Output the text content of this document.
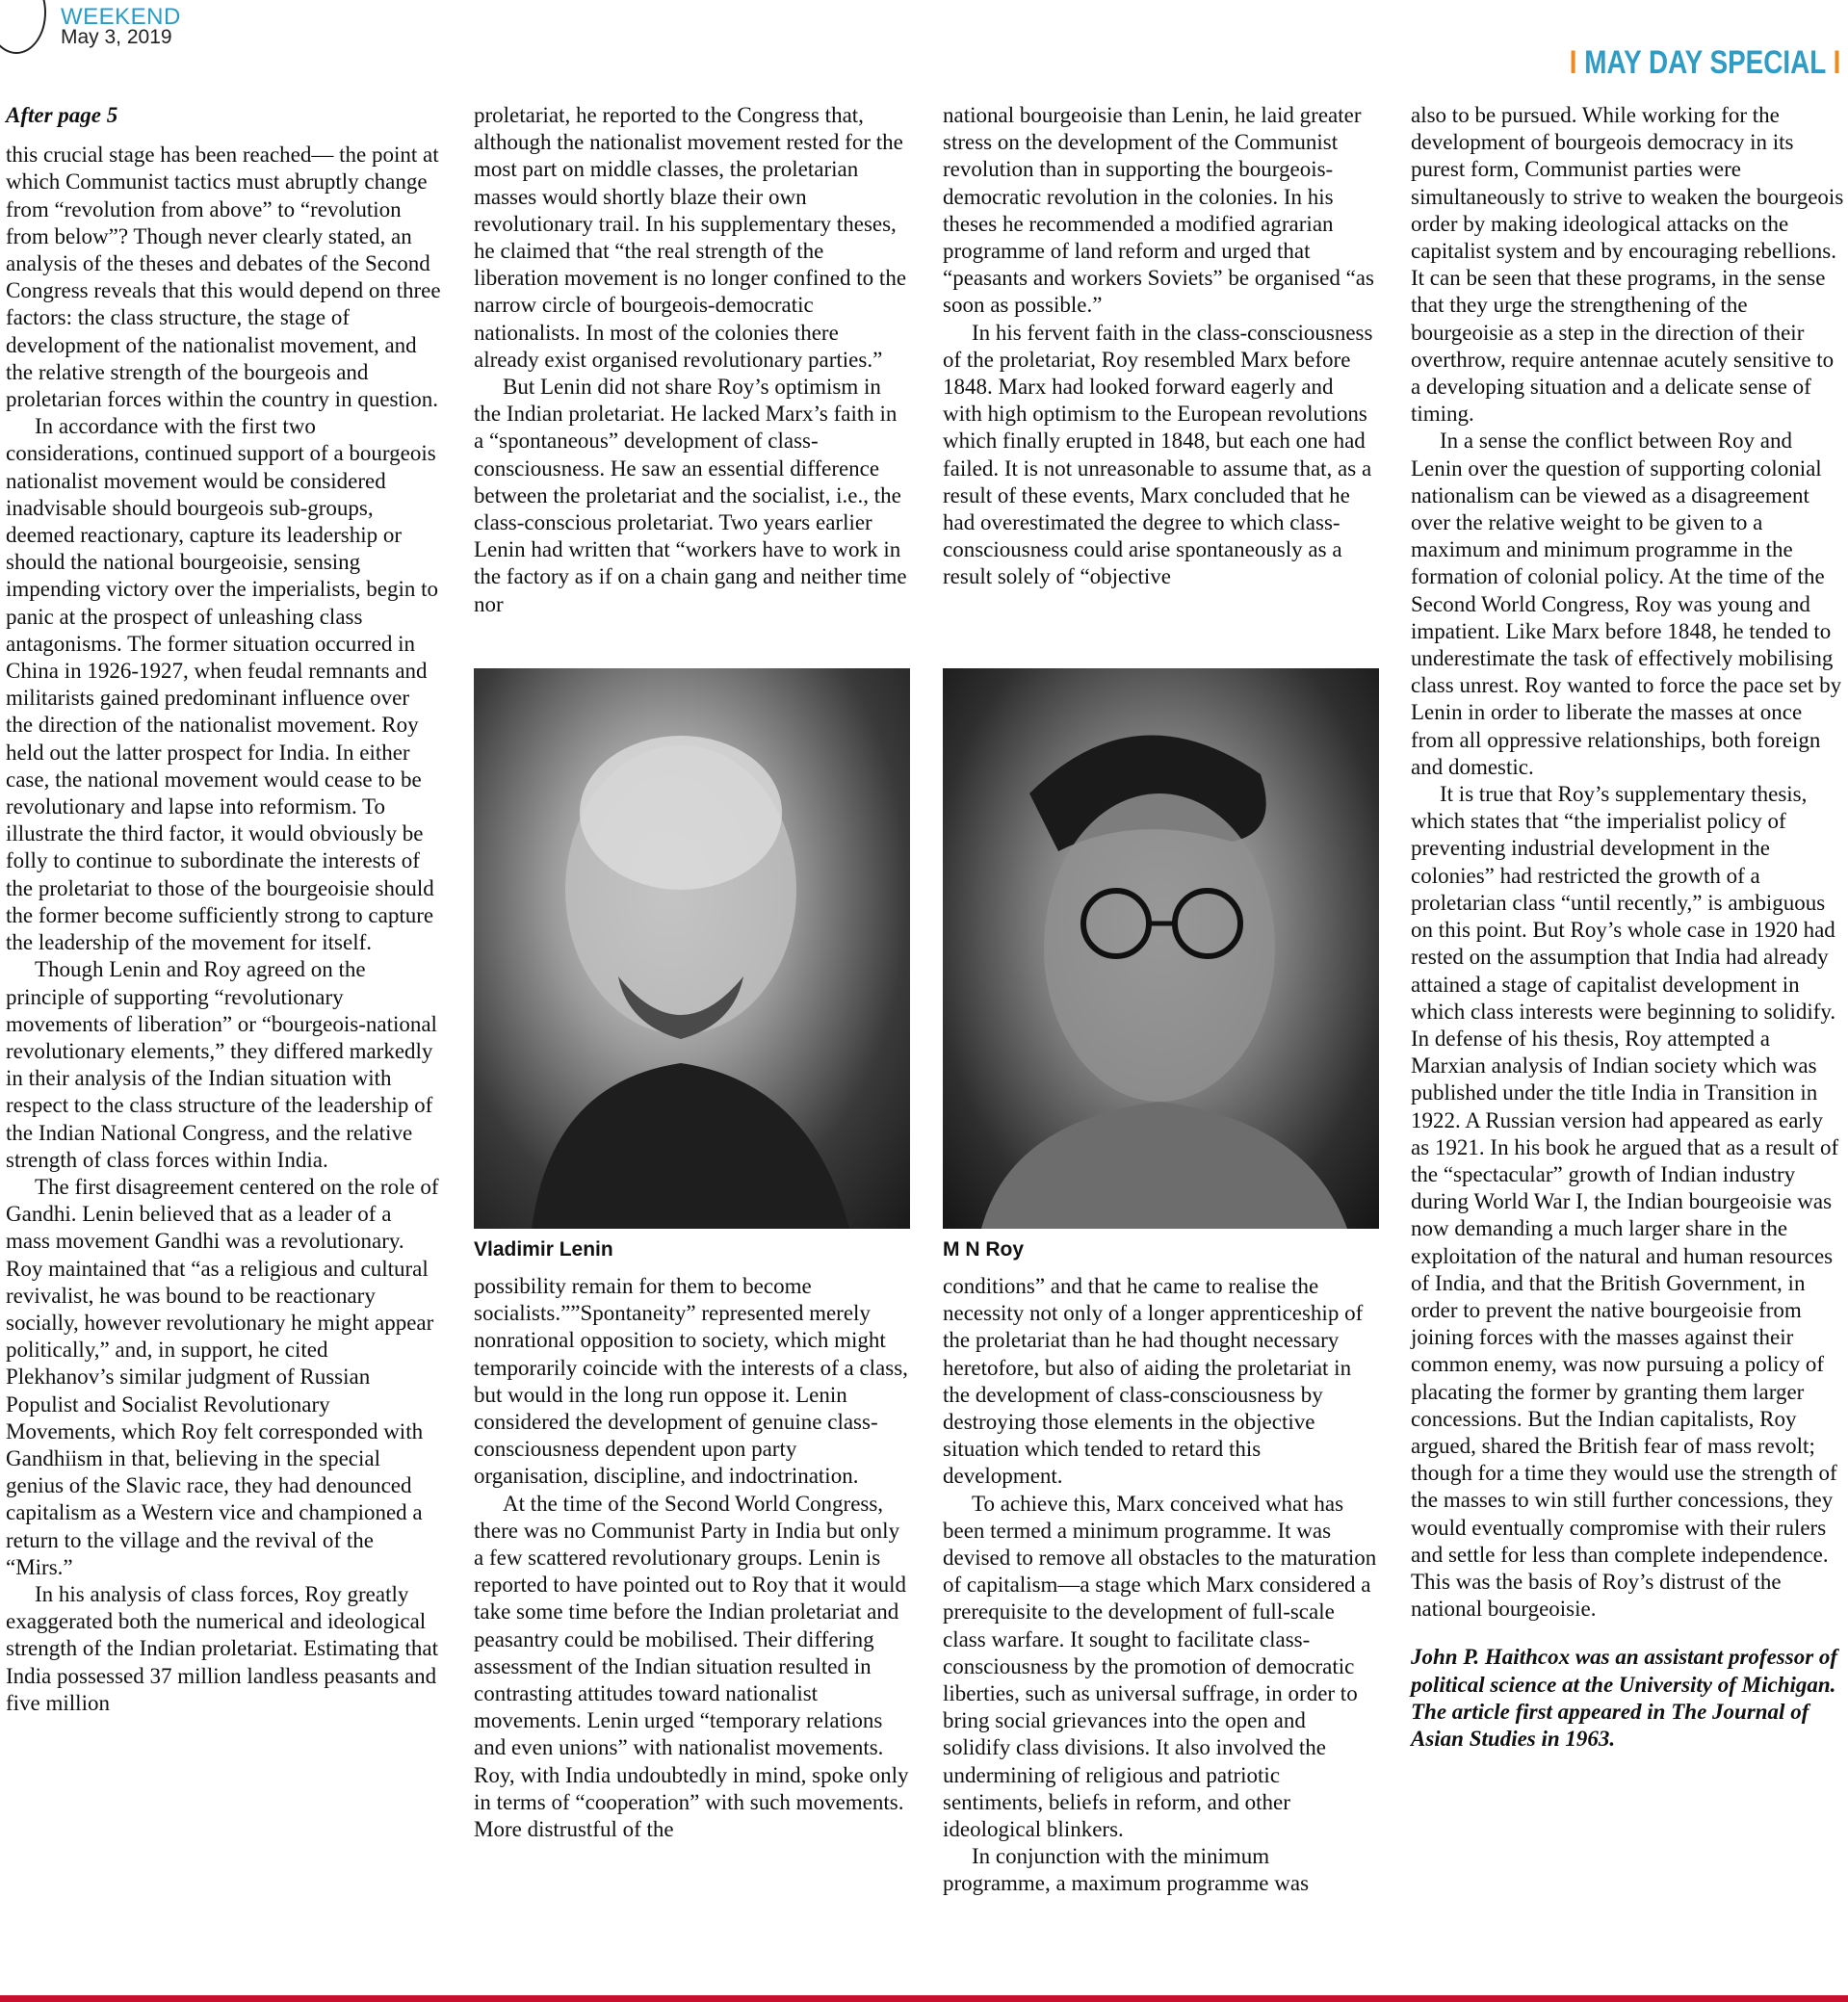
WEEKEND
May 3, 2019
I MAY DAY SPECIAL I

After page 5

this crucial stage has been reached— the point at which Communist tactics must abruptly change from “revolution from above” to “revolution from below”? Though never clearly stated, an analysis of the theses and debates of the Second Congress reveals that this would depend on three factors: the class structure, the stage of development of the nationalist movement, and the relative strength of the bourgeois and proletarian forces within the country in question.

In accordance with the first two considerations, continued support of a bourgeois nationalist movement would be considered inadvisable should bourgeois sub-groups, deemed reactionary, capture its leadership or should the national bourgeoisie, sensing impending victory over the imperialists, begin to panic at the prospect of unleashing class antagonisms. The former situation occurred in China in 1926-1927, when feudal remnants and militarists gained predominant influence over the direction of the nationalist movement. Roy held out the latter prospect for India. In either case, the national movement would cease to be revolutionary and lapse into reformism. To illustrate the third factor, it would obviously be folly to continue to subordinate the interests of the proletariat to those of the bourgeoisie should the former become sufficiently strong to capture the leadership of the movement for itself.

Though Lenin and Roy agreed on the principle of supporting “revolutionary movements of liberation” or “bourgeois-national revolutionary elements,” they differed markedly in their analysis of the Indian situation with respect to the class structure of the leadership of the Indian National Congress, and the relative strength of class forces within India.

The first disagreement centered on the role of Gandhi. Lenin believed that as a leader of a mass movement Gandhi was a revolutionary. Roy maintained that “as a religious and cultural revivalist, he was bound to be reactionary socially, however revolutionary he might appear politically,” and, in support, he cited Plekhanov’s similar judgment of Russian Populist and Socialist Revolutionary Movements, which Roy felt corresponded with Gandhiism in that, believing in the special genius of the Slavic race, they had denounced capitalism as a Western vice and championed a return to the village and the revival of the “Mirs.”

In his analysis of class forces, Roy greatly exaggerated both the numerical and ideological strength of the Indian proletariat. Estimating that India possessed 37 million landless peasants and five million

proletariat, he reported to the Congress that, although the nationalist movement rested for the most part on middle classes, the proletarian masses would shortly blaze their own revolutionary trail. In his supplementary theses, he claimed that “the real strength of the liberation movement is no longer confined to the narrow circle of bourgeois-democratic nationalists. In most of the colonies there already exist organised revolutionary parties.”

But Lenin did not share Roy’s optimism in the Indian proletariat. He lacked Marx’s faith in a “spontaneous” development of class-consciousness. He saw an essential difference between the proletariat and the socialist, i.e., the class-conscious proletariat. Two years earlier Lenin had written that “workers have to work in the factory as if on a chain gang and neither time nor

Vladimir Lenin

possibility remain for them to become socialists.””Spontaneity” represented merely nonrational opposition to society, which might temporarily coincide with the interests of a class, but would in the long run oppose it. Lenin considered the development of genuine class-consciousness dependent upon party organisation, discipline, and indoctrination.

At the time of the Second World Congress, there was no Communist Party in India but only a few scattered revolutionary groups. Lenin is reported to have pointed out to Roy that it would take some time before the Indian proletariat and peasantry could be mobilised. Their differing assessment of the Indian situation resulted in contrasting attitudes toward nationalist movements. Lenin urged “temporary relations and even unions” with nationalist movements. Roy, with India undoubtedly in mind, spoke only in terms of “cooperation” with such movements. More distrustful of the

national bourgeoisie than Lenin, he laid greater stress on the development of the Communist revolution than in supporting the bourgeois-democratic revolution in the colonies. In his theses he recommended a modified agrarian programme of land reform and urged that “peasants and workers Soviets” be organised “as soon as possible.”

In his fervent faith in the class-consciousness of the proletariat, Roy resembled Marx before 1848. Marx had looked forward eagerly and with high optimism to the European revolutions which finally erupted in 1848, but each one had failed. It is not unreasonable to assume that, as a result of these events, Marx concluded that he had overestimated the degree to which class-consciousness could arise spontaneously as a result solely of “objective

M N Roy

conditions” and that he came to realise the necessity not only of a longer apprenticeship of the proletariat than he had thought necessary heretofore, but also of aiding the proletariat in the development of class-consciousness by destroying those elements in the objective situation which tended to retard this development.

To achieve this, Marx conceived what has been termed a minimum programme. It was devised to remove all obstacles to the maturation of capitalism—a stage which Marx considered a prerequisite to the development of full-scale class warfare. It sought to facilitate class-consciousness by the promotion of democratic liberties, such as universal suffrage, in order to bring social grievances into the open and solidify class divisions. It also involved the undermining of religious and patriotic sentiments, beliefs in reform, and other ideological blinkers.

In conjunction with the minimum programme, a maximum programme was

also to be pursued. While working for the development of bourgeois democracy in its purest form, Communist parties were simultaneously to strive to weaken the bourgeois order by making ideological attacks on the capitalist system and by encouraging rebellions. It can be seen that these programs, in the sense that they urge the strengthening of the bourgeoisie as a step in the direction of their overthrow, require antennae acutely sensitive to a developing situation and a delicate sense of timing.

In a sense the conflict between Roy and Lenin over the question of supporting colonial nationalism can be viewed as a disagreement over the relative weight to be given to a maximum and minimum programme in the formation of colonial policy. At the time of the Second World Congress, Roy was young and impatient. Like Marx before 1848, he tended to underestimate the task of effectively mobilising class unrest. Roy wanted to force the pace set by Lenin in order to liberate the masses at once from all oppressive relationships, both foreign and domestic.

It is true that Roy’s supplementary thesis, which states that “the imperialist policy of preventing industrial development in the colonies” had restricted the growth of a proletarian class “until recently,” is ambiguous on this point. But Roy’s whole case in 1920 had rested on the assumption that India had already attained a stage of capitalist development in which class interests were beginning to solidify. In defense of his thesis, Roy attempted a Marxian analysis of Indian society which was published under the title India in Transition in 1922. A Russian version had appeared as early as 1921. In his book he argued that as a result of the “spectacular” growth of Indian industry during World War I, the Indian bourgeoisie was now demanding a much larger share in the exploitation of the natural and human resources of India, and that the British Government, in order to prevent the native bourgeoisie from joining forces with the masses against their common enemy, was now pursuing a policy of placating the former by granting them larger concessions. But the Indian capitalists, Roy argued, shared the British fear of mass revolt; though for a time they would use the strength of the masses to win still further concessions, they would eventually compromise with their rulers and settle for less than complete independence. This was the basis of Roy’s distrust of the national bourgeoisie.

John P. Haithcox was an assistant professor of political science at the University of Michigan. The article first appeared in The Journal of Asian Studies in 1963.
